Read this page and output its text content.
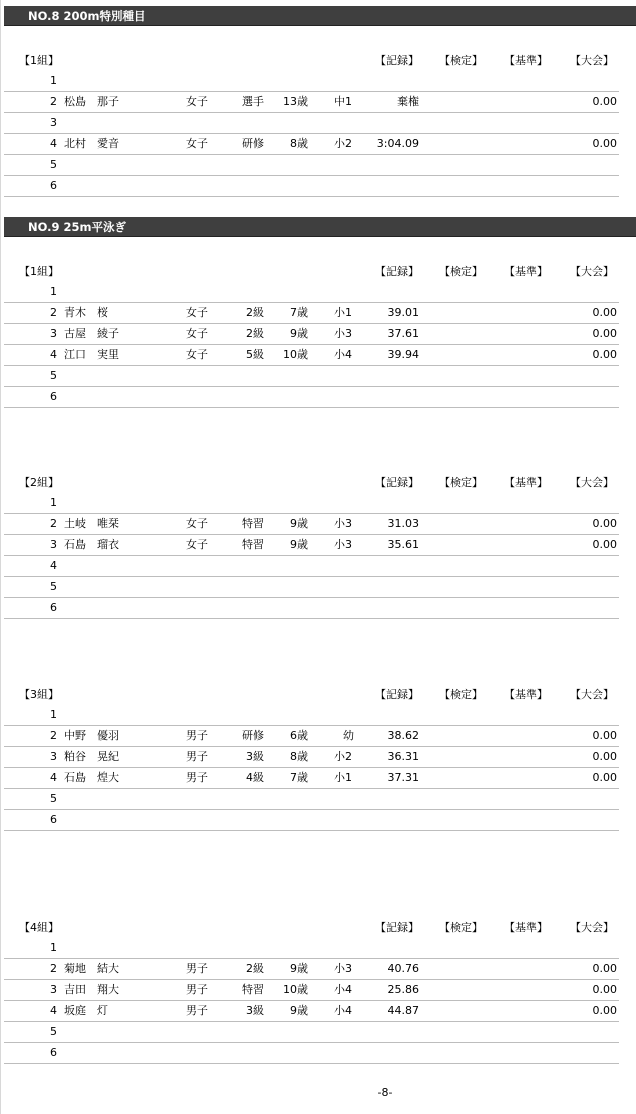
NO.8 200m特別種目
【1組】	【記録】 【検定】 【基準】 【大会】
1
2 松島　那子	女子	選手 13歳 中1	棄権	0.00
3
4 北村　愛音	女子	研修 8歳 小2 3:04.09	0.00
5
6
NO.9 25m平泳ぎ
【1組】	【記録】 【検定】 【基準】 【大会】
1
2 青木　桜	女子	2級 7歳 小1	39.01	0.00
3 古屋　綾子	女子	2級 9歳 小3	37.61	0.00
4 江口　実里	女子	5級 10歳 小4	39.94	0.00
5
6
【2組】	【記録】 【検定】 【基準】 【大会】
1
2 土岐　唯栞	女子	特習 9歳 小3	31.03	0.00
3 石島　瑠衣	女子	特習 9歳 小3	35.61	0.00
4
5
6
【3組】	【記録】 【検定】 【基準】 【大会】
1
2 中野　優羽	男子	研修 6歳	幼	38.62	0.00
3 粕谷　晃紀	男子	3級 8歳 小2	36.31	0.00
4 石島　煌大	男子	4級 7歳 小1	37.31	0.00
5
6
【4組】	【記録】 【検定】 【基準】 【大会】
1
2 菊地　結大	男子	2級 9歳 小3	40.76	0.00
3 吉田　翔大	男子	特習 10歳 小4	25.86	0.00
4 坂庭　灯	男子	3級 9歳 小4	44.87	0.00
5
6
-8-
